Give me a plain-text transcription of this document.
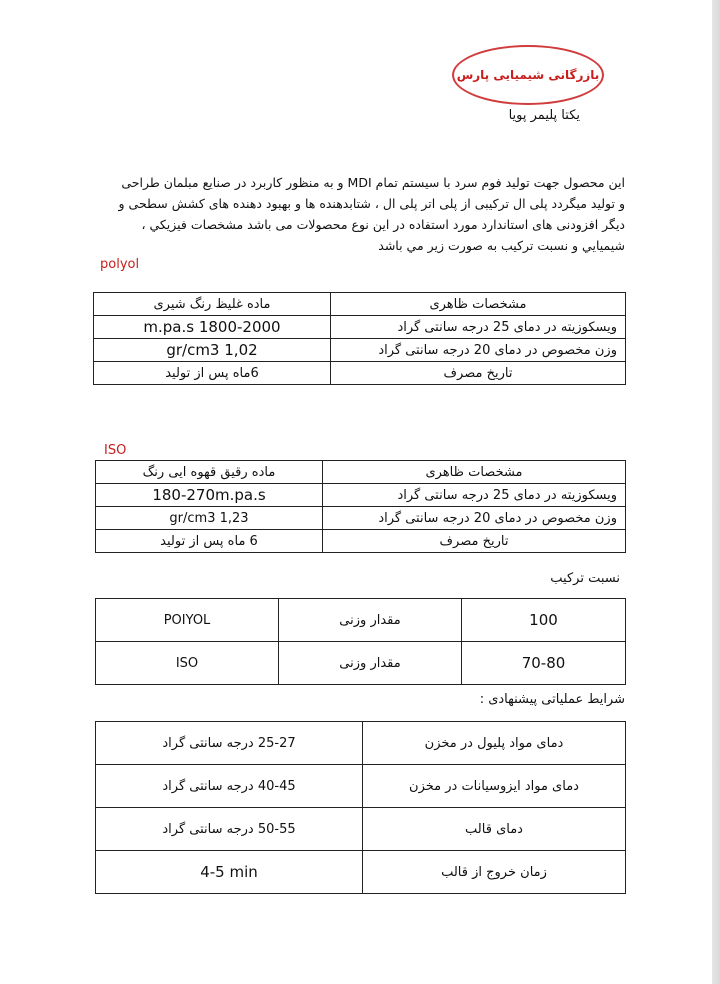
بازرگانی شیمیایی پارس
یکتا پلیمر پویا
این محصول جهت تولید فوم سرد با سیستم تمام MDI و به منظور کاربرد در صنایع مبلمان طراحی
و تولید میگردد پلی ال ترکیبی از پلی اتر پلی ال ، شتابدهنده ها و بهبود دهنده های کشش سطحی و
دیگر افزودنی های استاندارد مورد استفاده در این نوع محصولات می باشد مشخصات فیزیکي ،
شیمیایي و نسبت ترکیب به صورت زیر مي باشد
polyol
ماده غلیظ رنگ شیری	مشخصات ظاهری
1800-2000 m.pa.s	ویسکوزیته در دمای 25 درجه سانتی گراد
1,02 gr/cm3	وزن مخصوص در دمای 20 درجه سانتی گراد
6ماه پس از تولید	تاریخ مصرف
ISO
ماده رقیق قهوه ایی رنگ	مشخصات ظاهری
180-270m.pa.s	ویسکوزیته در دمای 25 درجه سانتی گراد
1,23 gr/cm3	وزن مخصوص در دمای 20 درجه سانتی گراد
6 ماه پس از تولید	تاریخ مصرف
نسبت ترکیب
POIYOL	مقدار وزنی	100
ISO	مقدار وزنی	70-80
شرایط عملیاتی پیشنهادی :
25-27 درجه سانتی گراد	دمای مواد پلیول در مخزن
40-45 درجه سانتی گراد	دمای مواد ایزوسیانات در مخزن
50-55 درجه سانتی گراد	دمای قالب
4-5 min	زمان خروج از قالب
